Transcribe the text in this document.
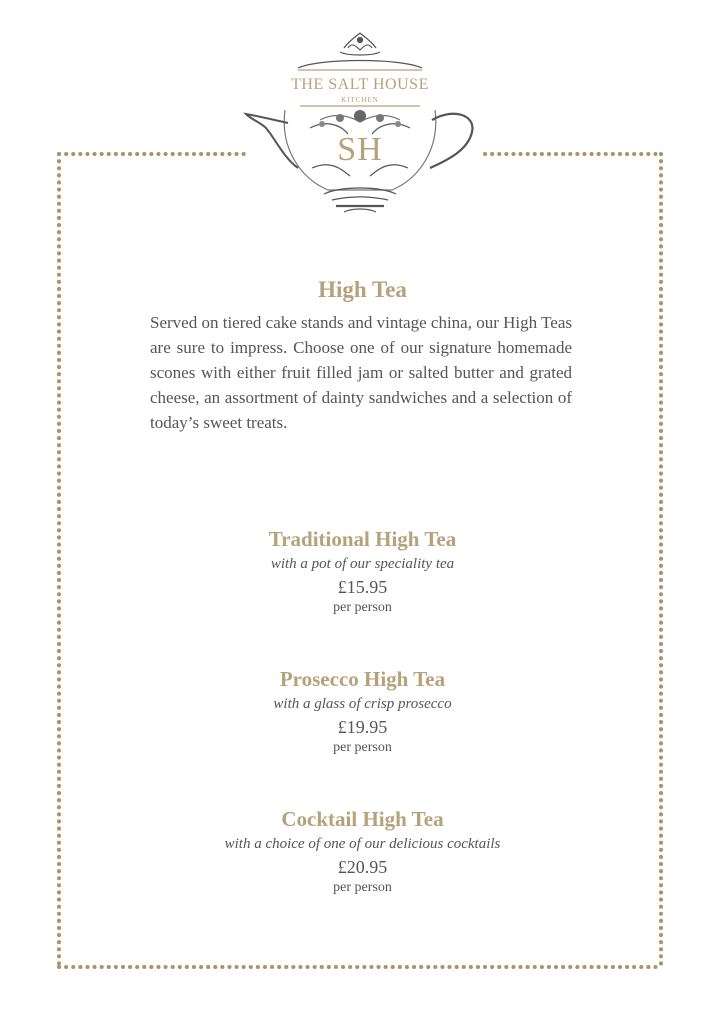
THE SALT HOUSE
KITCHEN
SH
High Tea
Served on tiered cake stands and vintage china, our High Teas are sure to impress. Choose one of our signature homemade scones with either fruit filled jam or salted butter and grated cheese, an assortment of dainty sandwiches and a selection of today’s sweet treats.
Traditional High Tea
with a pot of our speciality tea
£15.95
per person
Prosecco High Tea
with a glass of crisp prosecco
£19.95
per person
Cocktail High Tea
with a choice of one of our delicious cocktails
£20.95
per person
